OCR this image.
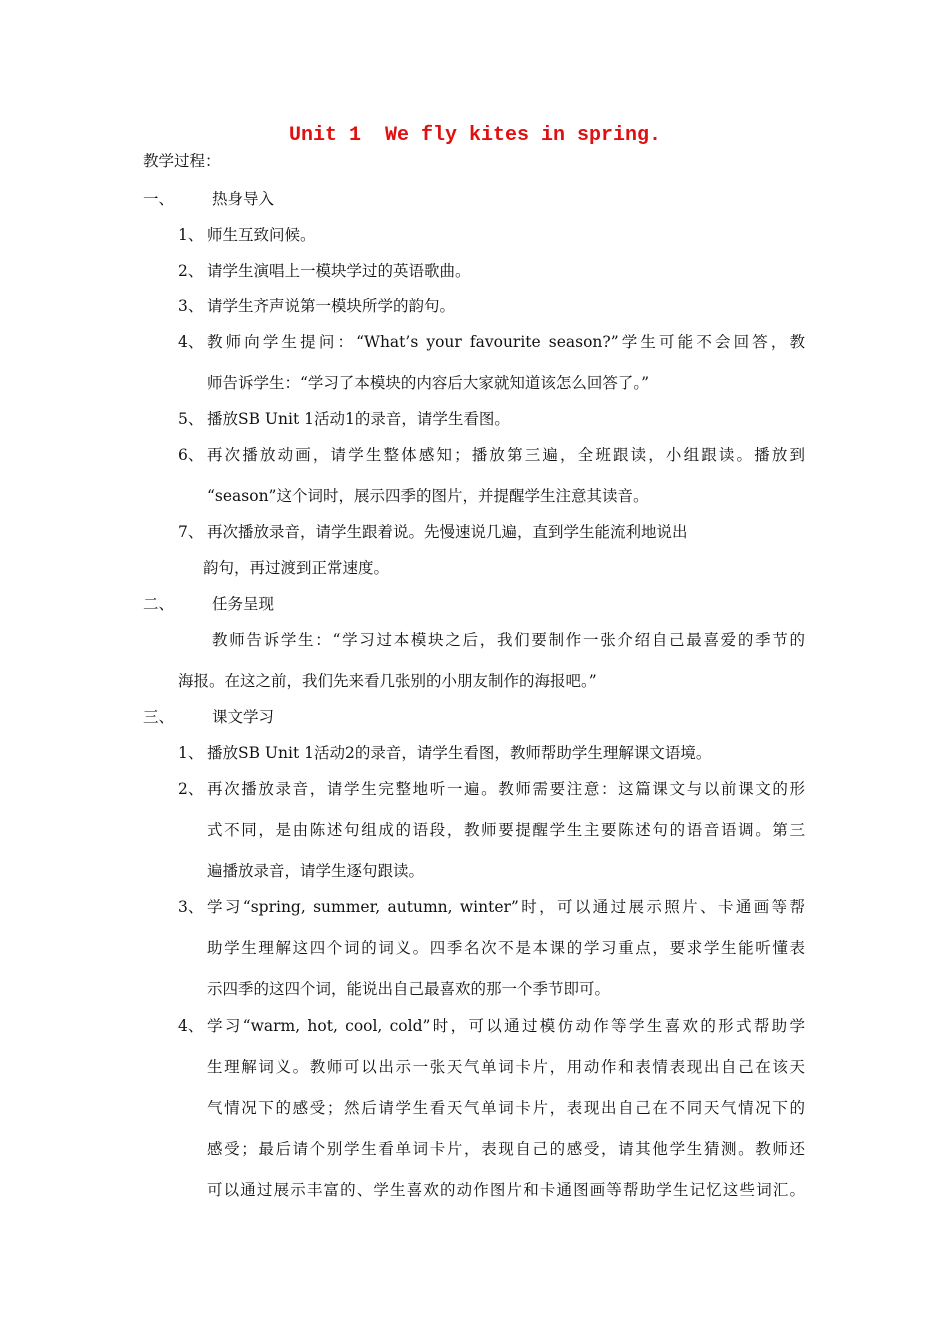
Unit 1  We fly kites in spring.
教学过程：
一、 热身导入
1、 师生互致问候。
2、 请学生演唱上一模块学过的英语歌曲。
3、 请学生齐声说第一模块所学的韵句。
4、 教师向学生提问：“What’s your favourite season?”学生可能不会回答，教
师告诉学生：“学习了本模块的内容后大家就知道该怎么回答了。”
5、 播放SB Unit 1活动1的录音，请学生看图。
6、 再次播放动画，请学生整体感知；播放第三遍，全班跟读，小组跟读。播放到
“season”这个词时，展示四季的图片，并提醒学生注意其读音。
7、 再次播放录音，请学生跟着说。先慢速说几遍，直到学生能流利地说出
韵句，再过渡到正常速度。
二、 任务呈现
教师告诉学生：“学习过本模块之后，我们要制作一张介绍自己最喜爱的季节的
海报。在这之前，我们先来看几张别的小朋友制作的海报吧。”
三、 课文学习
1、 播放SB Unit 1活动2的录音，请学生看图，教师帮助学生理解课文语境。
2、 再次播放录音，请学生完整地听一遍。教师需要注意：这篇课文与以前课文的形
式不同，是由陈述句组成的语段，教师要提醒学生主要陈述句的语音语调。第三
遍播放录音，请学生逐句跟读。
3、 学习“spring, summer, autumn, winter”时，可以通过展示照片、卡通画等帮
助学生理解这四个词的词义。四季名次不是本课的学习重点，要求学生能听懂表
示四季的这四个词，能说出自己最喜欢的那一个季节即可。
4、 学习“warm, hot, cool, cold”时，可以通过模仿动作等学生喜欢的形式帮助学
生理解词义。教师可以出示一张天气单词卡片，用动作和表情表现出自己在该天
气情况下的感受；然后请学生看天气单词卡片，表现出自己在不同天气情况下的
感受；最后请个别学生看单词卡片，表现自己的感受，请其他学生猜测。教师还
可以通过展示丰富的、学生喜欢的动作图片和卡通图画等帮助学生记忆这些词汇。
